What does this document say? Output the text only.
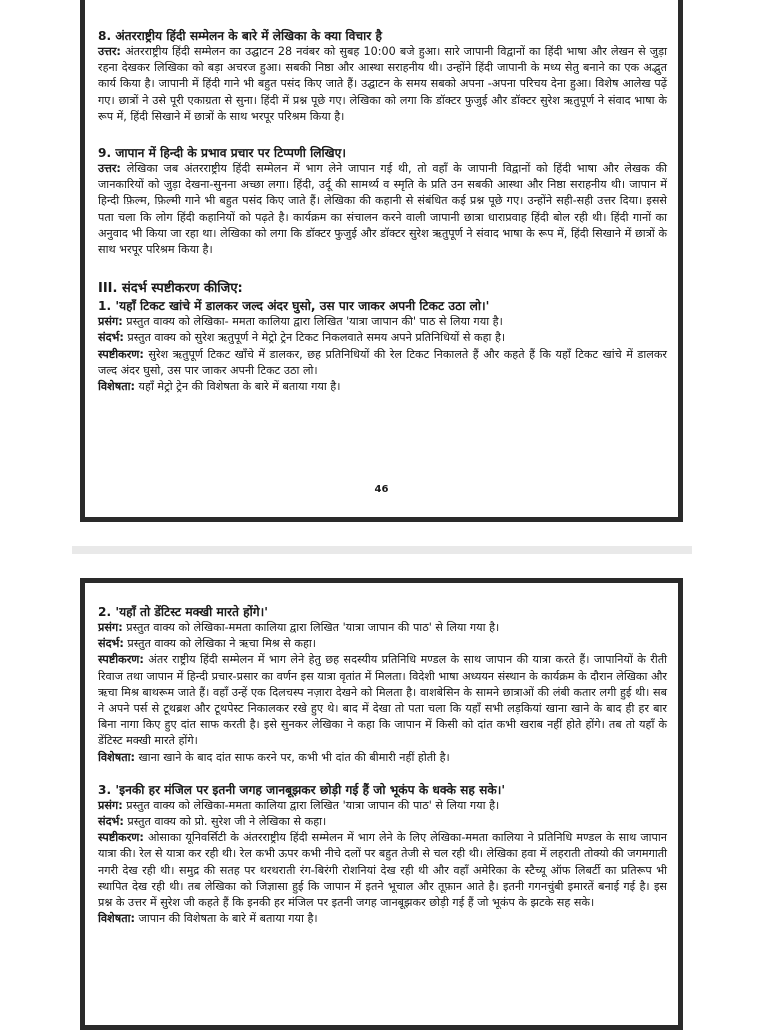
8. अंतरराष्ट्रीय हिंदी सम्मेलन के बारे में लेखिका के क्या विचार है

उत्तर: अंतरराष्ट्रीय हिंदी सम्मेलन का उद्घाटन 28 नवंबर को सुबह 10:00 बजे हुआ। सारे जापानी विद्वानों का हिंदी भाषा और लेखन से जुड़ा रहना देखकर लिखिका को बड़ा अचरज हुआ। सबकी निष्ठा और आस्था सराहनीय थी। उन्होंने हिंदी जापानी के मध्य सेतु बनाने का एक अद्भुत कार्य किया है। जापानी में हिंदी गाने भी बहुत पसंद किए जाते हैं। उद्घाटन के समय सबको अपना -अपना परिचय देना हुआ। विशेष आलेख पढ़ें गए। छात्रों ने उसे पूरी एकाग्रता से सुना। हिंदी में प्रश्न पूछे गए। लेखिका को लगा कि डॉक्टर फुजुई और डॉक्टर सुरेश ऋतुपूर्ण ने संवाद भाषा के रूप में, हिंदी सिखाने में छात्रों के साथ भरपूर परिश्रम किया है।

9. जापान में हिन्दी के प्रभाव प्रचार पर टिप्पणी लिखिए।

उत्तर: लेखिका जब अंतरराष्ट्रीय हिंदी सम्मेलन में भाग लेने जापान गई थी, तो वहाँ के जापानी विद्वानों को हिंदी भाषा और लेखक की जानकारियों को जुड़ा देखना-सुनना अच्छा लगा। हिंदी, उर्दू की सामर्थ्य व स्मृति के प्रति उन सबकी आस्था और निष्ठा सराहनीय थी। जापान में हिन्दी फ़िल्म, फ़िल्मी गाने भी बहुत पसंद किए जाते हैं। लेखिका की कहानी से संबंधित कई प्रश्न पूछे गए। उन्होंने सही-सही उत्तर दिया। इससे पता चला कि लोग हिंदी कहानियों को पढ़ते है। कार्यक्रम का संचालन करने वाली जापानी छात्रा धाराप्रवाह हिंदी बोल रही थी। हिंदी गानों का अनुवाद भी किया जा रहा था। लेखिका को लगा कि डॉक्टर फुजुई और डॉक्टर सुरेश ऋतुपूर्ण ने संवाद भाषा के रूप में, हिंदी सिखाने में छात्रों के साथ भरपूर परिश्रम किया है।

III. संदर्भ स्पष्टीकरण कीजिए:

1. 'यहाँ टिकट खांचे में डालकर जल्द अंदर घुसो, उस पार जाकर अपनी टिकट उठा लो।'

प्रसंग: प्रस्तुत वाक्य को लेखिका- ममता कालिया द्वारा लिखित 'यात्रा जापान की' पाठ से लिया गया है।

संदर्भ: प्रस्तुत वाक्य को सुरेश ऋतुपूर्ण ने मेट्रो ट्रेन टिकट निकलवाते समय अपने प्रतिनिधियों से कहा है।

स्पष्टीकरण: सुरेश ऋतुपूर्ण टिकट खाँचे में डालकर, छह प्रतिनिधियों की रेल टिकट निकालते हैं और कहते हैं कि यहाँ टिकट खांचे में डालकर जल्द अंदर घुसो, उस पार जाकर अपनी टिकट उठा लो।

विशेषता: यहाँ मेट्रो ट्रेन की विशेषता के बारे में बताया गया है।

46

2. 'यहाँ तो डेंटिस्ट मक्खी मारते होंगे।'

प्रसंग: प्रस्तुत वाक्य को लेखिका-ममता कालिया द्वारा लिखित 'यात्रा जापान की पाठ' से लिया गया है।

संदर्भ: प्रस्तुत वाक्य को लेखिका ने ऋचा मिश्र से कहा।

स्पष्टीकरण: अंतर राष्ट्रीय हिंदी सम्मेलन में भाग लेने हेतु छह सदस्यीय प्रतिनिधि मण्डल के साथ जापान की यात्रा करते हैं। जापानियों के रीती रिवाज तथा जापान में हिन्दी प्रचार-प्रसार का वर्णन इस यात्रा वृतांत में मिलता। विदेशी भाषा अध्ययन संस्थान के कार्यक्रम के दौरान लेखिका और ऋचा मिश्र बाथरूम जाते हैं। वहाँ उन्हें एक दिलचस्प नज़ारा देखने को मिलता है। वाशबेसिन के सामने छात्राओं की लंबी कतार लगी हुई थी। सब ने अपने पर्स से टूथब्रश और टूथपेस्ट निकालकर रखे हुए थे। बाद में देखा तो पता चला कि यहाँ सभी लड़कियां खाना खाने के बाद ही हर बार बिना नागा किए हुए दांत साफ करती है। इसे सुनकर लेखिका ने कहा कि जापान में किसी को दांत कभी खराब नहीं होते होंगे। तब तो यहाँ के डेंटिस्ट मक्खी मारते होंगे।

विशेषता: खाना खाने के बाद दांत साफ करने पर, कभी भी दांत की बीमारी नहीं होती है।

3. 'इनकी हर मंजिल पर इतनी जगह जानबूझकर छोड़ी गई हैं जो भूकंप के धक्के सह सके।'

प्रसंग: प्रस्तुत वाक्य को लेखिका-ममता कालिया द्वारा लिखित 'यात्रा जापान की पाठ' से लिया गया है।

संदर्भ: प्रस्तुत वाक्य को प्रो. सुरेश जी ने लेखिका से कहा।

स्पष्टीकरण: ओसाका यूनिवर्सिटी के अंतरराष्ट्रीय हिंदी सम्मेलन में भाग लेने के लिए लेखिका-ममता कालिया ने प्रतिनिधि मण्डल के साथ जापान यात्रा की। रेल से यात्रा कर रही थी। रेल कभी ऊपर कभी नीचे दलों पर बहुत तेजी से चल रही थी। लेखिका हवा में लहराती तोक्यो की जगमगाती नगरी देख रही थी। समुद्र की सतह पर थरथराती रंग-बिरंगी रोशनियां देख रही थी और वहाँ अमेरिका के स्टैच्यू ऑफ लिबर्टी का प्रतिरूप भी स्थापित देख रही थी। तब लेखिका को जिज्ञासा हुई कि जापान में इतने भूचाल और तूफ़ान आते है। इतनी गगनचुंबी इमारतें बनाई गई है। इस प्रश्न के उत्तर में सुरेश जी कहते हैं कि इनकी हर मंजिल पर इतनी जगह जानबूझकर छोड़ी गई हैं जो भूकंप के झटके सह सके।

विशेषता: जापान की विशेषता के बारे में बताया गया है।
